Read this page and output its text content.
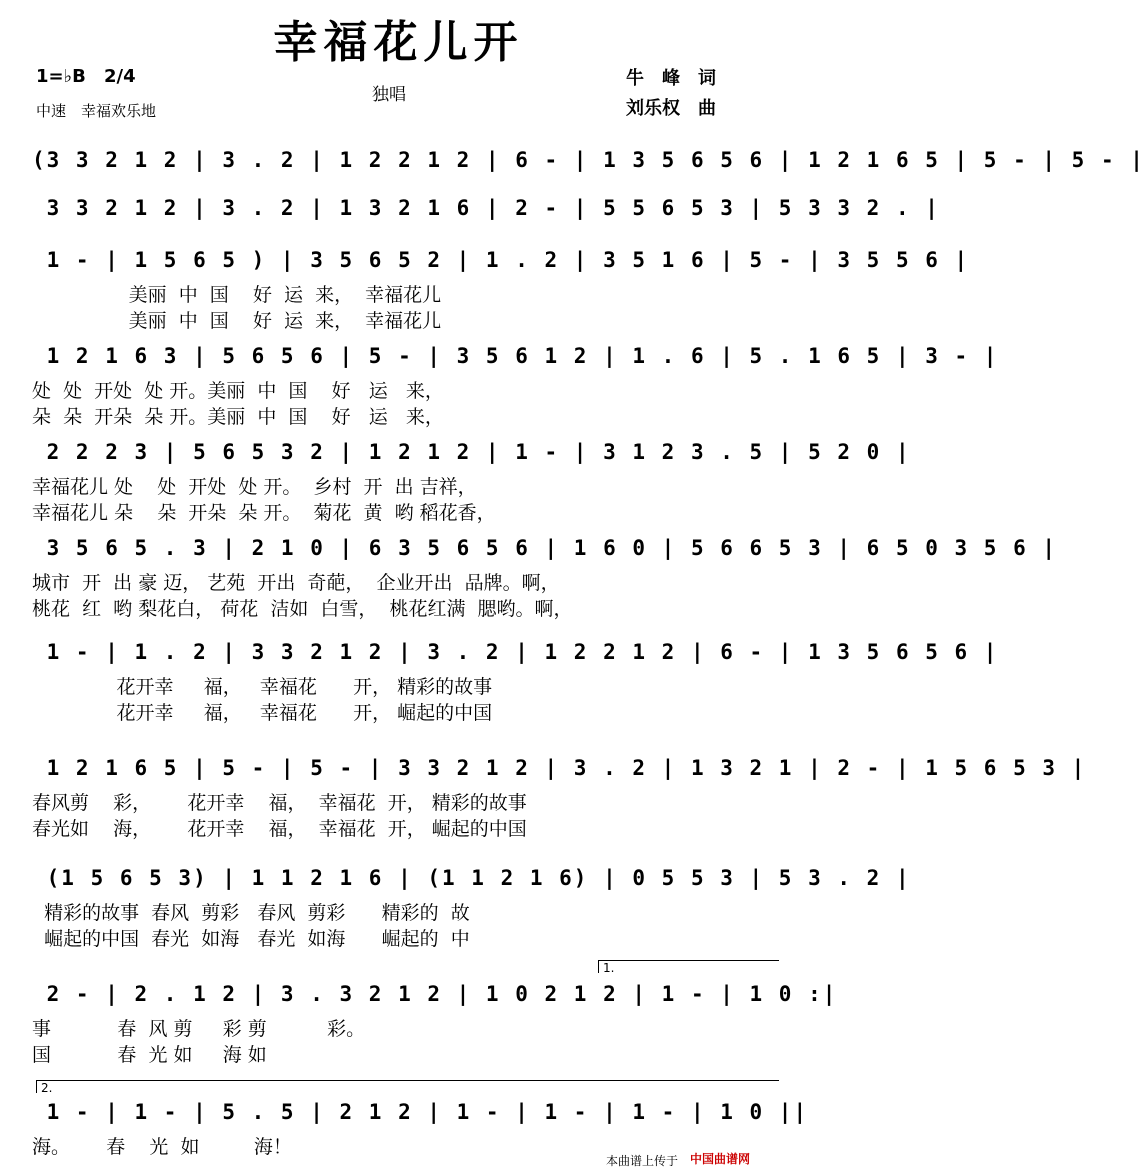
幸福花儿开
1=♭B 2/4
中速　幸福欢乐地
独唱
牛　峰　词
刘乐权　曲
(3 3 2 1 2 | 3 . 2 | 1 2 2 1 2 | 6 - | 1 3 5 6 5 6 | 1 2 1 6 5 | 5 - | 5 - |
3 3 2 1 2 | 3 . 2 | 1 3 2 1 6 | 2 - | 5 5 6 5 3 | 5 3 3 2 . |
1 - | 1 5 6 5 ) | 3 5 6 5 2 | 1 . 2 | 3 5 1 6 | 5 - | 3 5 5 6 |
美丽  中  国    好  运  来，  幸福花儿
美丽  中  国    好  运  来，  幸福花儿
1 2 1 6 3 | 5 6 5 6 | 5 - | 3 5 6 1 2 | 1 . 6 | 5 . 1 6 5 | 3 - |
处  处  开处  处 开。美丽  中  国    好   运   来，
朵  朵  开朵  朵 开。美丽  中  国    好   运   来，
2 2 2 3 | 5 6 5 3 2 | 1 2 1 2 | 1 - | 3 1 2 3 . 5 | 5 2 0 |
幸福花儿 处    处  开处  处 开。  乡村  开  出 吉祥，
幸福花儿 朵    朵  开朵  朵 开。  菊花  黄  哟 稻花香，
3 5 6 5 . 3 | 2 1 0 | 6 3 5 6 5 6 | 1 6 0 | 5 6 6 5 3 | 6 5 0 3 5 6 |
城市  开  出 豪 迈， 艺苑  开出  奇葩，  企业开出  品牌。啊，
桃花  红  哟 梨花白， 荷花  洁如  白雪，  桃花红满  腮哟。啊，
1 - | 1 . 2 | 3 3 2 1 2 | 3 . 2 | 1 2 2 1 2 | 6 - | 1 3 5 6 5 6 |
花开幸     福，   幸福花      开， 精彩的故事
花开幸     福，   幸福花      开， 崛起的中国
1 2 1 6 5 | 5 - | 5 - | 3 3 2 1 2 | 3 . 2 | 1 3 2 1 | 2 - | 1 5 6 5 3 |
春风剪    彩，      花开幸    福，  幸福花  开， 精彩的故事
春光如    海，      花开幸    福，  幸福花  开， 崛起的中国
(1 5 6 5 3) | 1 1 2 1 6 | (1 1 2 1 6) | 0 5 5 3 | 5 3 . 2 |
精彩的故事  春风  剪彩   春风  剪彩      精彩的  故
崛起的中国  春光  如海   春光  如海      崛起的  中
2 - | 2 . 1 2 | 3 . 3 2 1 2 | 1 0 2 1 2 | 1 - | 1 0 :|
事           春  风 剪     彩 剪          彩。
国           春  光 如     海 如
1 - | 1 - | 5 . 5 | 2 1 2 | 1 - | 1 - | 1 - | 1 0 ||
海。      春    光  如         海！
1.
2.
本曲谱上传于 中国曲谱网
